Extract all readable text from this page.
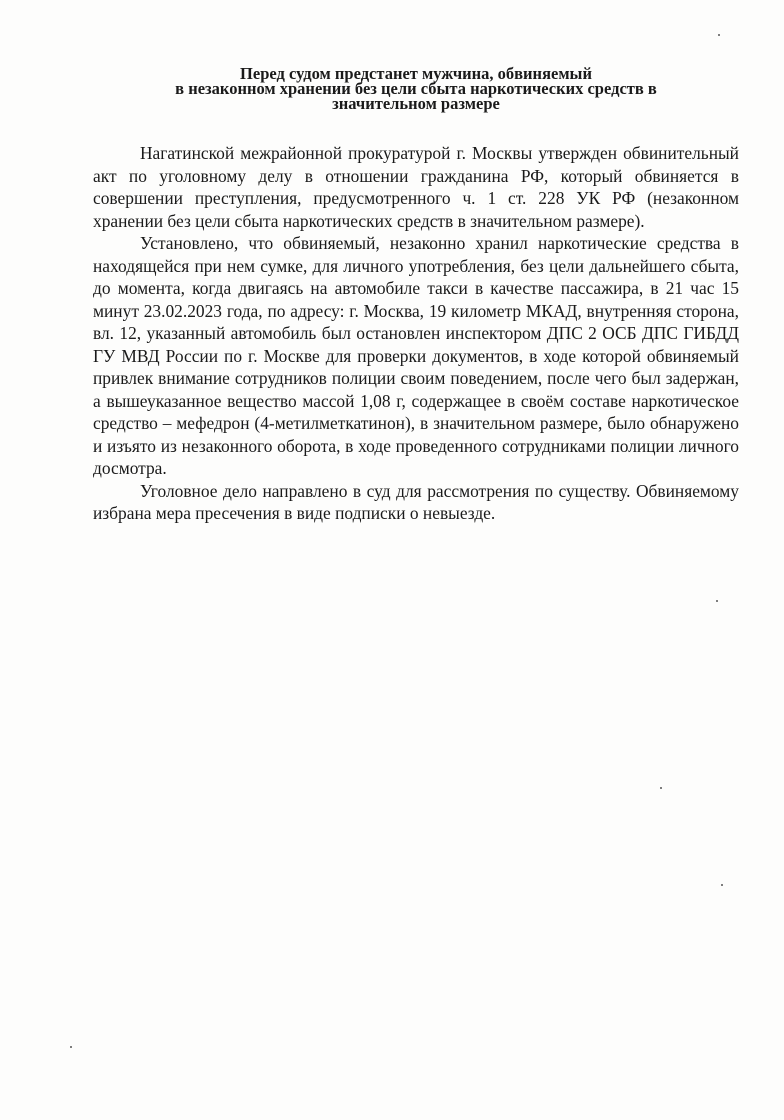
Перед судом предстанет мужчина, обвиняемый
в незаконном хранении без цели сбыта наркотических средств в
значительном размере

Нагатинской межрайонной прокуратурой г. Москвы утвержден обвинительный акт по уголовному делу в отношении гражданина РФ, который обвиняется в совершении преступления, предусмотренного ч. 1 ст. 228 УК РФ (незаконном хранении без цели сбыта наркотических средств в значительном размере).

Установлено, что обвиняемый, незаконно хранил наркотические средства в находящейся при нем сумке, для личного употребления, без цели дальнейшего сбыта, до момента, когда двигаясь на автомобиле такси в качестве пассажира, в 21 час 15 минут 23.02.2023 года, по адресу: г. Москва, 19 километр МКАД, внутренняя сторона, вл. 12, указанный автомобиль был остановлен инспектором ДПС 2 ОСБ ДПС ГИБДД ГУ МВД России по г. Москве для проверки документов, в ходе которой обвиняемый привлек внимание сотрудников полиции своим поведением, после чего был задержан, а вышеуказанное вещество массой 1,08 г, содержащее в своём составе наркотическое средство – мефедрон (4-метилметкатинон), в значительном размере, было обнаружено и изъято из незаконного оборота, в ходе проведенного сотрудниками полиции личного досмотра.

Уголовное дело направлено в суд для рассмотрения по существу. Обвиняемому избрана мера пресечения в виде подписки о невыезде.
